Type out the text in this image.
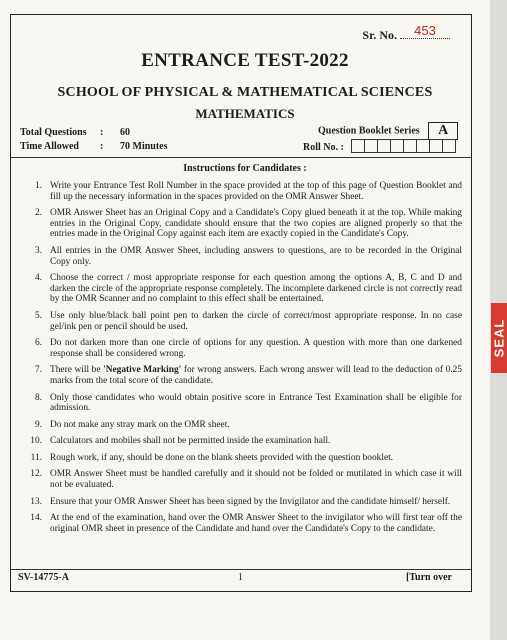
Sr. No. 453
ENTRANCE TEST-2022
SCHOOL OF PHYSICAL & MATHEMATICAL SCIENCES
MATHEMATICS
Total Questions : 60
Time Allowed : 70 Minutes
Question Booklet Series A
Roll No. :
Instructions for Candidates :
1. Write your Entrance Test Roll Number in the space provided at the top of this page of Question Booklet and fill up the necessary information in the spaces provided on the OMR Answer Sheet.
2. OMR Answer Sheet has an Original Copy and a Candidate's Copy glued beneath it at the top. While making entries in the Original Copy, candidate should ensure that the two copies are aligned properly so that the entries made in the Original Copy against each item are exactly copied in the Candidate's Copy.
3. All entries in the OMR Answer Sheet, including answers to questions, are to be recorded in the Original Copy only.
4. Choose the correct / most appropriate response for each question among the options A, B, C and D and darken the circle of the appropriate response completely. The incomplete darkened circle is not correctly read by the OMR Scanner and no complaint to this effect shall be entertained.
5. Use only blue/black ball point pen to darken the circle of correct/most appropriate response. In no case gel/ink pen or pencil should be used.
6. Do not darken more than one circle of options for any question. A question with more than one darkened response shall be considered wrong.
7. There will be 'Negative Marking' for wrong answers. Each wrong answer will lead to the deduction of 0.25 marks from the total score of the candidate.
8. Only those candidates who would obtain positive score in Entrance Test Examination shall be eligible for admission.
9. Do not make any stray mark on the OMR sheet.
10. Calculators and mobiles shall not be permitted inside the examination hall.
11. Rough work, if any, should be done on the blank sheets provided with the question booklet.
12. OMR Answer Sheet must be handled carefully and it should not be folded or mutilated in which case it will not be evaluated.
13. Ensure that your OMR Answer Sheet has been signed by the Invigilator and the candidate himself/ herself.
14. At the end of the examination, hand over the OMR Answer Sheet to the invigilator who will first tear off the original OMR sheet in presence of the Candidate and hand over the Candidate's Copy to the candidate.
SV-14775-A	1	[Turn over
SEAL
